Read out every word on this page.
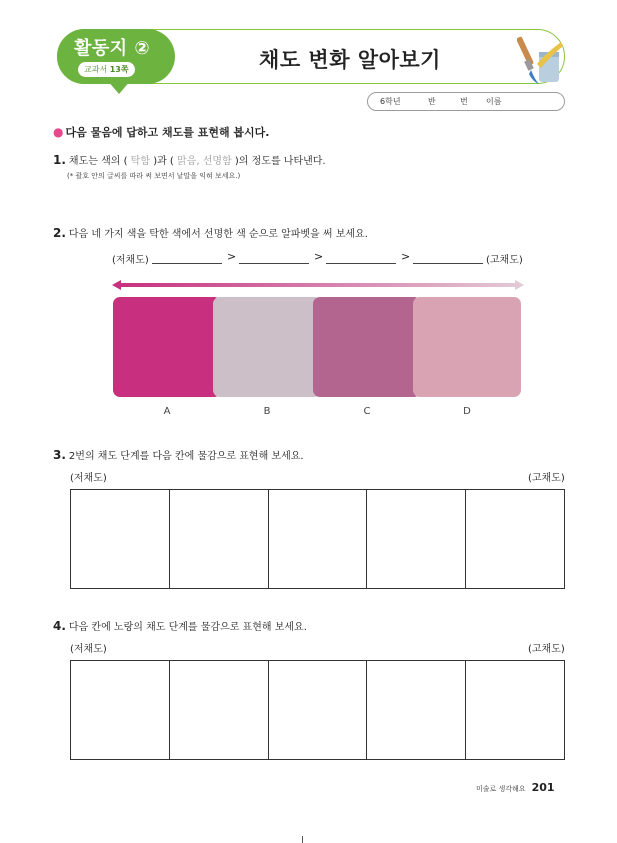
활동지 ②
교과서 13쪽	채도 변화 알아보기
6학년	반	번 이름
● 다음 물음에 답하고 채도를 표현해 봅시다.
1. 채도는 색의 ( 탁함 )과 ( 맑음, 선명함 )의 정도를 나타낸다.
(* 괄호 안의 글씨를 따라 써 보면서 낱말을 익혀 보세요.)
2. 다음 네 가지 색을 탁한 색에서 선명한 색 순으로 알파벳을 써 보세요.
(저채도)	>	>	>	(고채도)
A	B	C	D
3. 2번의 채도 단계를 다음 칸에 물감으로 표현해 보세요.
(저채도)	(고채도)
4. 다음 칸에 노랑의 채도 단계를 물감으로 표현해 보세요.
(저채도)	(고채도)
미술로 생각해요 201
